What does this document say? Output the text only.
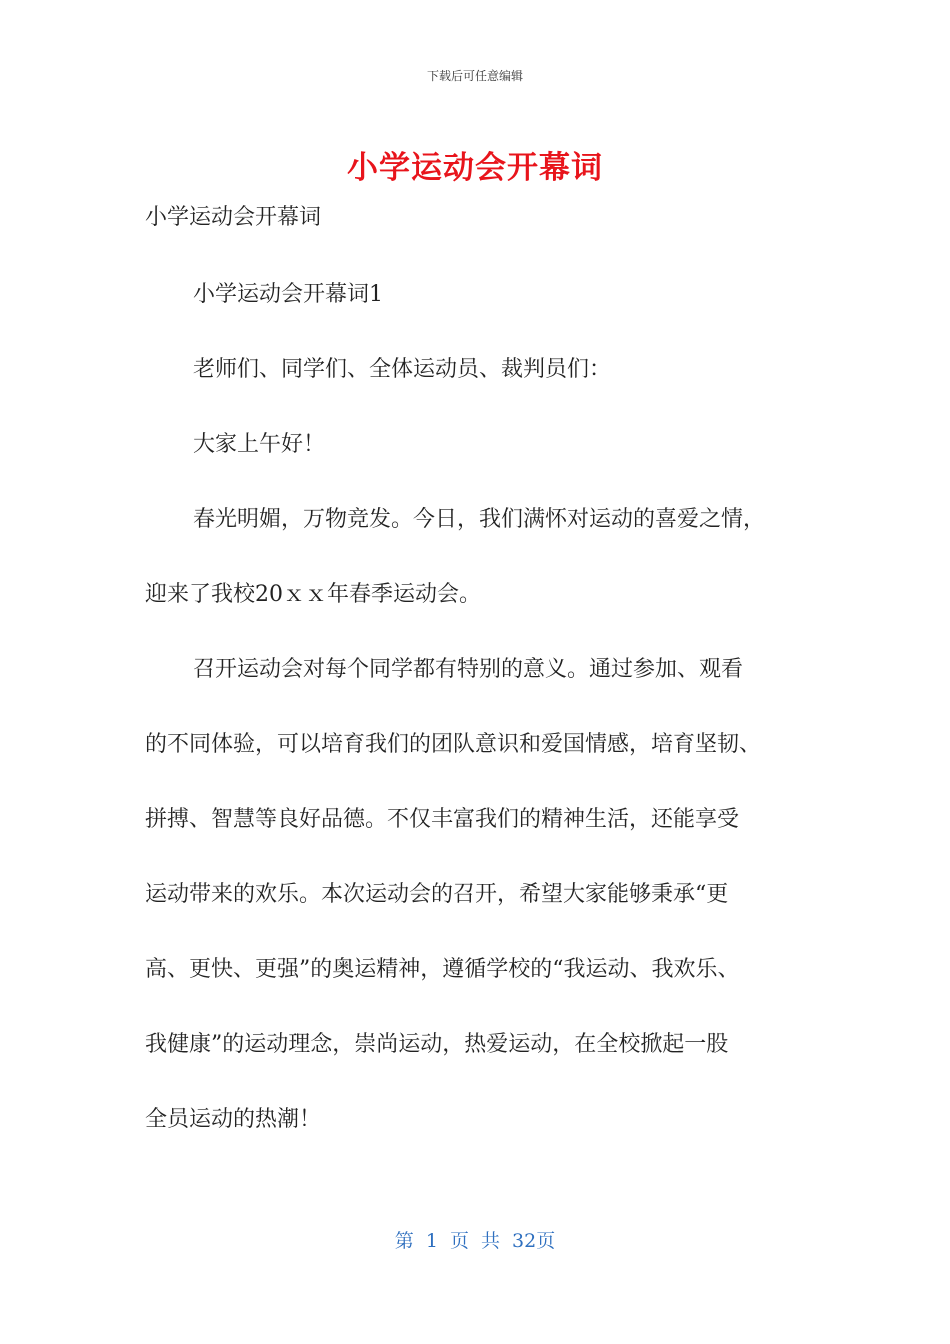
下载后可任意编辑
小学运动会开幕词
小学运动会开幕词
小学运动会开幕词1
老师们、同学们、全体运动员、裁判员们：
大家上午好！
春光明媚，万物竞发。今日，我们满怀对运动的喜爱之情，
迎来了我校20ｘｘ年春季运动会。
召开运动会对每个同学都有特别的意义。通过参加、观看
的不同体验，可以培育我们的团队意识和爱国情感，培育坚韧、
拼搏、智慧等良好品德。不仅丰富我们的精神生活，还能享受
运动带来的欢乐。本次运动会的召开，希望大家能够秉承“更
高、更快、更强”的奥运精神，遵循学校的“我运动、我欢乐、
我健康”的运动理念，崇尚运动，热爱运动，在全校掀起一股
全员运动的热潮！
第 1 页 共 32页
